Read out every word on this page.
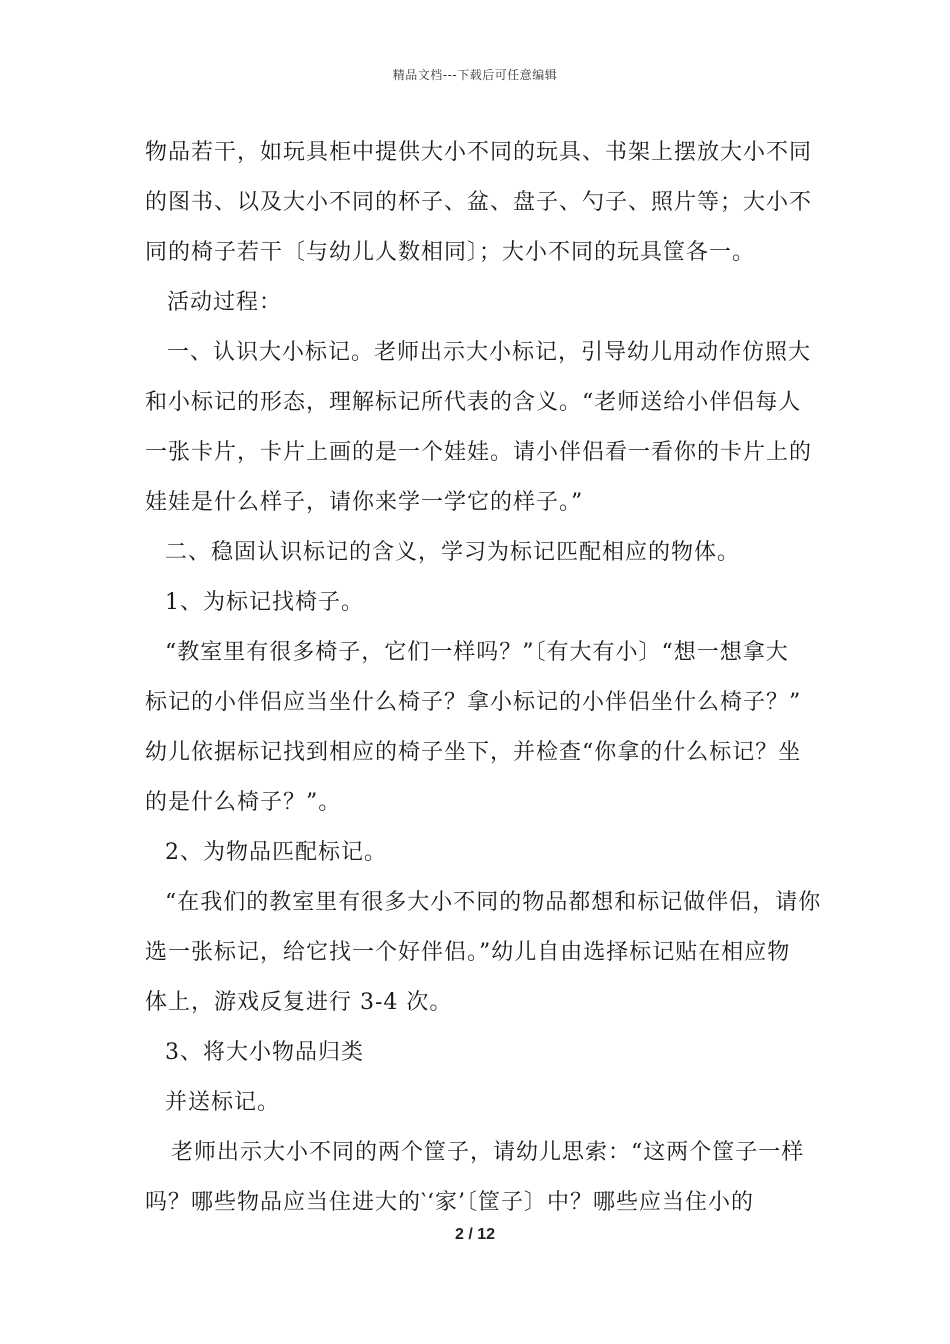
精品文档---下载后可任意编辑
物品若干，如玩具柜中提供大小不同的玩具、书架上摆放大小不同
的图书、以及大小不同的杯子、盆、盘子、勺子、照片等；大小不
同的椅子若干〔与幼儿人数相同〕；大小不同的玩具筐各一。
活动过程：
一、认识大小标记。老师出示大小标记，引导幼儿用动作仿照大
和小标记的形态，理解标记所代表的含义。“老师送给小伴侣每人
一张卡片，卡片上画的是一个娃娃。请小伴侣看一看你的卡片上的
娃娃是什么样子，请你来学一学它的样子。”
二、稳固认识标记的含义，学习为标记匹配相应的物体。
1、为标记找椅子。
“教室里有很多椅子，它们一样吗？”〔有大有小〕“想一想拿大
标记的小伴侣应当坐什么椅子？拿小标记的小伴侣坐什么椅子？”
幼儿依据标记找到相应的椅子坐下，并检查“你拿的什么标记？坐
的是什么椅子？”。
2、为物品匹配标记。
“在我们的教室里有很多大小不同的物品都想和标记做伴侣，请你
选一张标记，给它找一个好伴侣。”幼儿自由选择标记贴在相应物
体上，游戏反复进行 3-4 次。
3、将大小物品归类
并送标记。
老师出示大小不同的两个筐子，请幼儿思索：“这两个筐子一样
吗？哪些物品应当住进大的‵‘家’〔筐子〕中？哪些应当住小的
2 / 12
